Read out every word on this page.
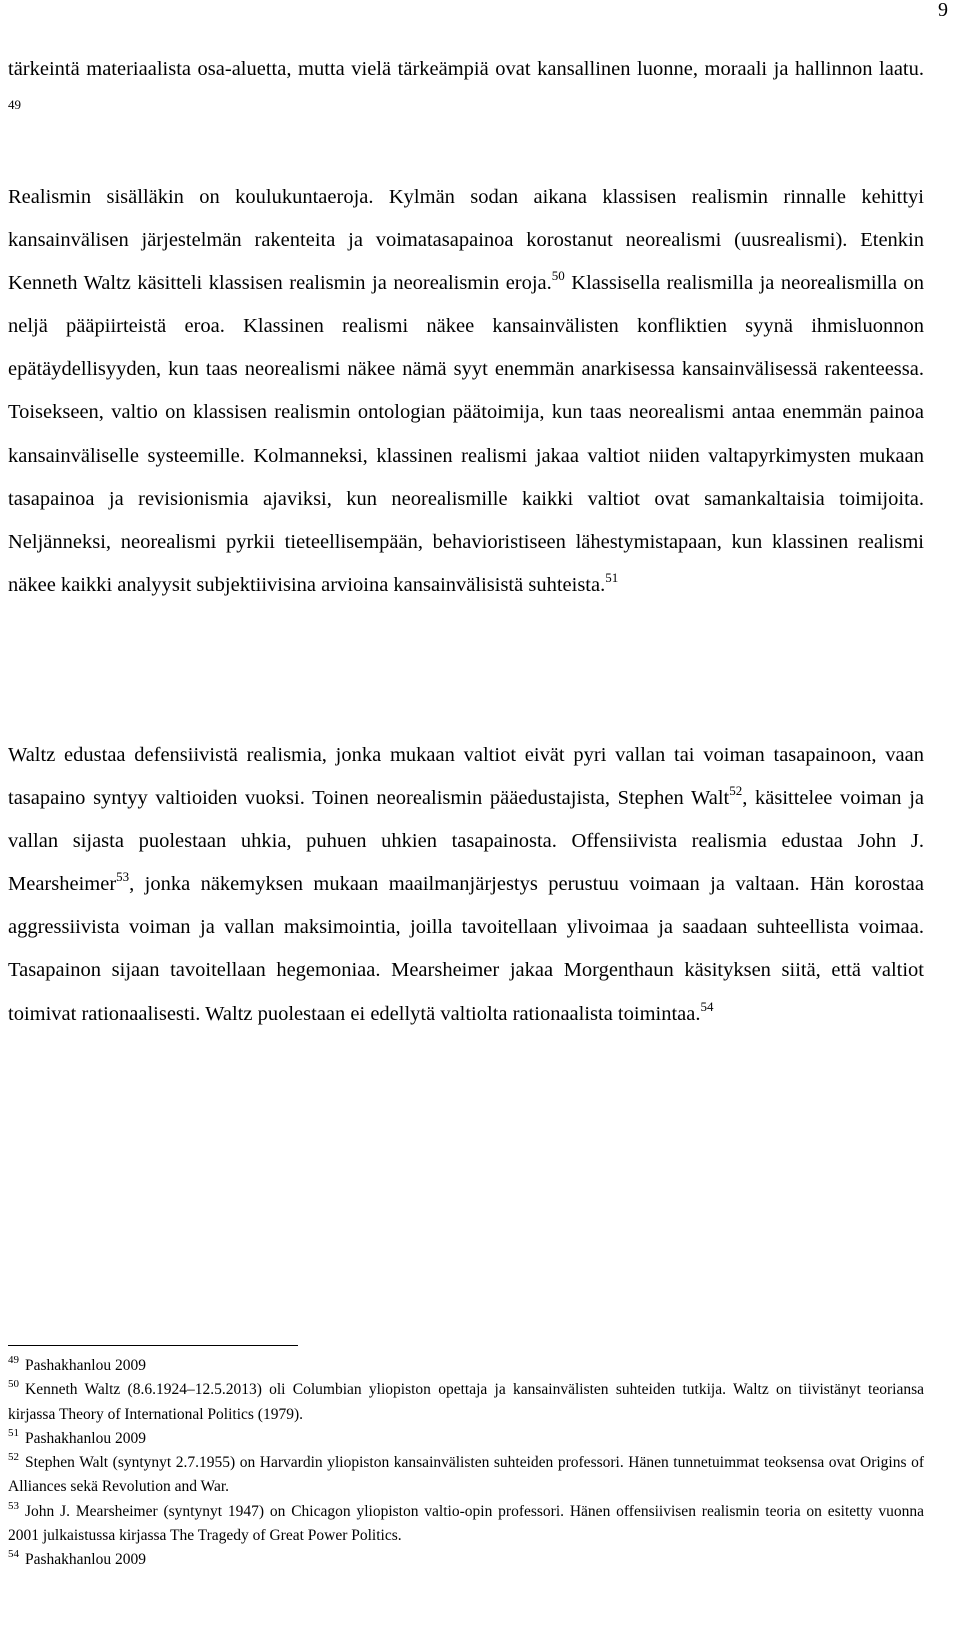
9

tärkeintä materiaalista osa-aluetta, mutta vielä tärkeämpiä ovat kansallinen luonne, moraali ja hallinnon laatu. $^{49}$

Realismin sisälläkin on koulukuntaeroja. Kylmän sodan aikana klassisen realismin rinnalle kehittyi kansainvälisen järjestelmän rakenteita ja voimatasapainoa korostanut neorealismi (uusrealismi). Etenkin Kenneth Waltz käsitteli klassisen realismin ja neorealismin eroja.$^{50}$ Klassisella realismilla ja neorealismilla on neljä pääpiirteistä eroa. Klassinen realismi näkee kansainvälisten konfliktien syynä ihmisluonnon epätäydellisyyden, kun taas neorealismi näkee nämä syyt enemmän anarkisessa kansainvälisessä rakenteessa. Toisekseen, valtio on klassisen realismin ontologian päätoimija, kun taas neorealismi antaa enemmän painoa kansainväliselle systeemille. Kolmanneksi, klassinen realismi jakaa valtiot niiden valtapyrkimysten mukaan tasapainoa ja revisionismia ajaviksi, kun neorealismille kaikki valtiot ovat samankaltaisia toimijoita. Neljänneksi, neorealismi pyrkii tieteellisempään, behavioristiseen lähestymistapaan, kun klassinen realismi näkee kaikki analyysit subjektiivisina arvioina kansainvälisistä suhteista.$^{51}$

Waltz edustaa defensiivistä realismia, jonka mukaan valtiot eivät pyri vallan tai voiman tasapainoon, vaan tasapaino syntyy valtioiden vuoksi. Toinen neorealismin pääedustajista, Stephen Walt$^{52}$, käsittelee voiman ja vallan sijasta puolestaan uhkia, puhuen uhkien tasapainosta. Offensiivista realismia edustaa John J. Mearsheimer$^{53}$, jonka näkemyksen mukaan maailmanjärjestys perustuu voimaan ja valtaan. Hän korostaa aggressiivista voiman ja vallan maksimointia, joilla tavoitellaan ylivoimaa ja saadaan suhteellista voimaa. Tasapainon sijaan tavoitellaan hegemoniaa. Mearsheimer jakaa Morgenthaun käsityksen siitä, että valtiot toimivat rationaalisesti. Waltz puolestaan ei edellytä valtiolta rationaalista toimintaa.$^{54}$

$^{49}$ Pashakhanlou 2009

$^{50}$ Kenneth Waltz (8.6.1924–12.5.2013) oli Columbian yliopiston opettaja ja kansainvälisten suhteiden tutkija. Waltz on tiivistänyt teoriansa kirjassa Theory of International Politics (1979).

$^{51}$ Pashakhanlou 2009

$^{52}$ Stephen Walt (syntynyt 2.7.1955) on Harvardin yliopiston kansainvälisten suhteiden professori. Hänen tunnetuimmat teoksensa ovat Origins of Alliances sekä Revolution and War.

$^{53}$ John J. Mearsheimer (syntynyt 1947) on Chicagon yliopiston valtio-opin professori. Hänen offensiivisen realismin teoria on esitetty vuonna 2001 julkaistussa kirjassa The Tragedy of Great Power Politics.

$^{54}$ Pashakhanlou 2009
